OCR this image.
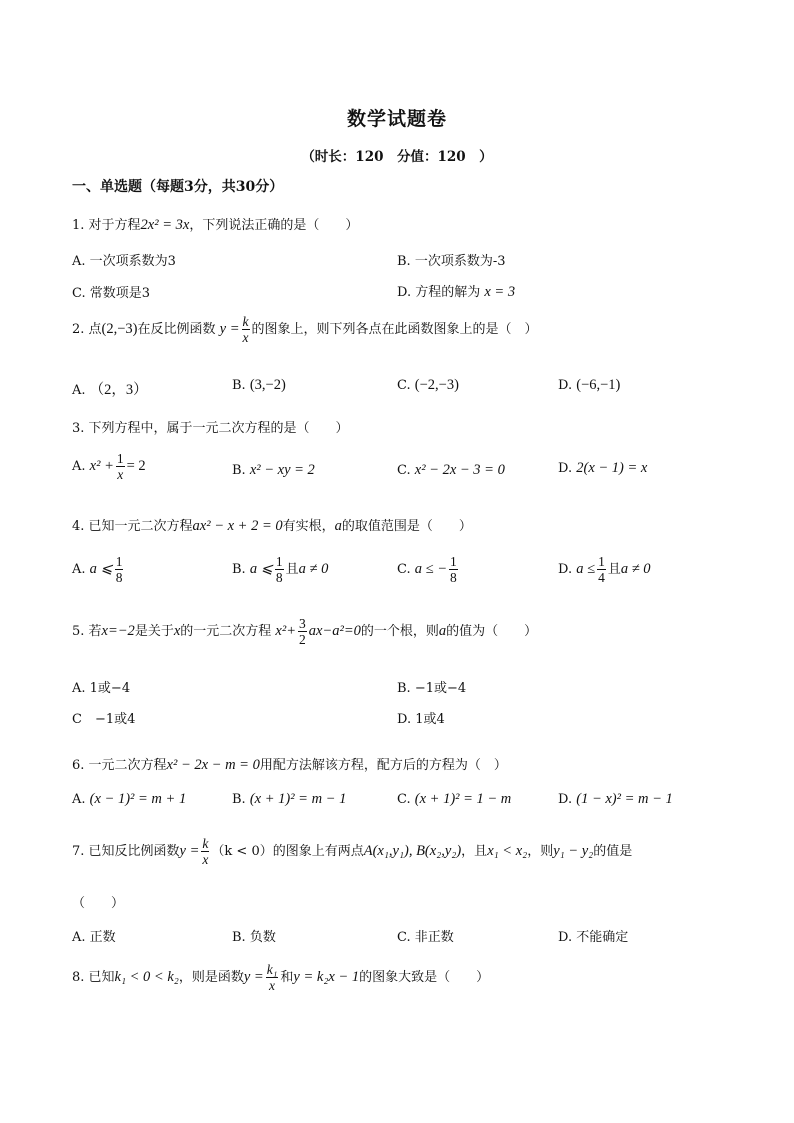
数学试题卷
（时长：120　分值：120　）
一、单选题（每题3分，共30分）
1. 对于方程2x² = 3x，下列说法正确的是（　　）
A. 一次项系数为3	B. 一次项系数为-3
C. 常数项是3	D. 方程的解为 x = 3
2. 点(2,−3)在反比例函数 $y = \frac{k}{x}$ 的图象上，则下列各点在此函数图象上的是（　）
A. （2，3）	B. (3,−2)	C. (−2,−3)	D. (−6,−1)
3. 下列方程中，属于一元二次方程的是（　　）
A. $x^2 + \frac{1}{x} = 2$	B. x² − xy = 2	C. x² − 2x − 3 = 0	D. 2(x − 1) = x
4. 已知一元二次方程ax² − x + 2 = 0有实根，a的取值范围是（　　）
A. a ⩽ $\frac{1}{8}$	B. a ⩽ $\frac{1}{8}$ 且a ≠ 0	C. a ≤ − $\frac{1}{8}$	D. $a \le \frac{1}{4}$ 且a ≠ 0
5. 若x=−2是关于x的一元二次方程 $x^2+ \frac{3}{2} ax-a^2=0$的一个根，则a的值为（　　）
A. 1或−4	B. −1或−4
C　−1或4	D. 1或4
6. 一元二次方程x² − 2x − m = 0用配方法解该方程，配方后的方程为（　）
A. (x − 1)² = m + 1	B. (x + 1)² = m − 1	C. (x + 1)² = 1 − m	D. (1 − x)² = m − 1
7. 已知反比例函数$y = \frac{k}{x} (k < 0)$的图象上有两点A(x₁,y₁), B(x₂,y₂)，且x₁ < x₂，则y₁ − y₂的值是
（　　）
A. 正数	B. 负数	C. 非正数	D. 不能确定
8. 已知k₁ < 0 < k₂，则是函数$y = \frac{\text{k₁}}{x}$ 和y = k₂x − 1的图象大致是（　　）
